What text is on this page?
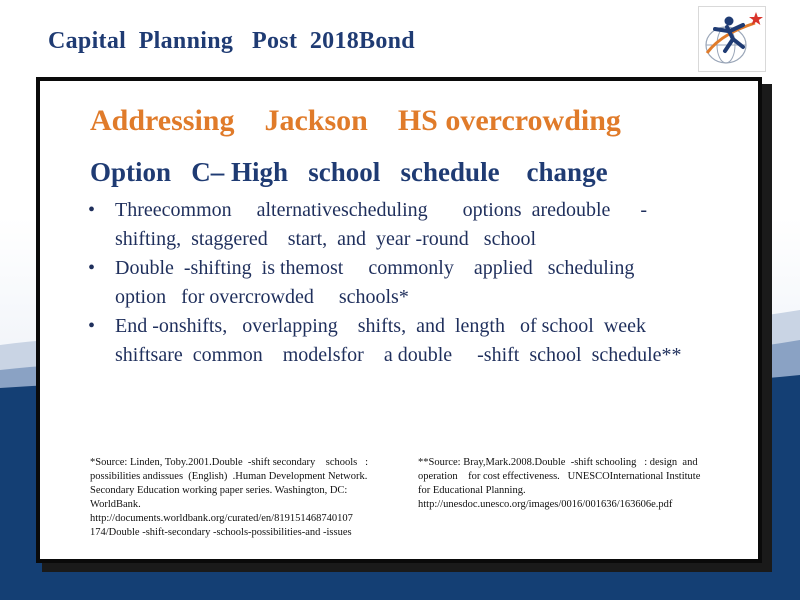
Capital  Planning   Post  2018Bond
Addressing    Jackson    HS overcrowding
Option   C– High   school   schedule    change
• Threecommon     alternativescheduling       options  aredouble      -
shifting,  staggered    start,  and  year -round   school
• Double  -shifting  is themost     commonly    applied   scheduling
option   for overcrowded     schools*
• End -onshifts,   overlapping    shifts,  and  length   of school  week
shiftsare  common    modelsfor    a double     -shift  school  schedule**
*Source: Linden, Toby.2001.Double  -shift secondary    schools   :
possibilities andissues  (English)  .Human Development Network.
Secondary Education working paper series. Washington, DC:
WorldBank.
http://documents.worldbank.org/curated/en/819151468740107
174/Double -shift-secondary -schools-possibilities-and -issues
**Source: Bray,Mark.2008.Double  -shift schooling   : design  and
operation    for cost effectiveness.   UNESCOInternational Institute
for Educational Planning.
http://unesdoc.unesco.org/images/0016/001636/163606e.pdf
